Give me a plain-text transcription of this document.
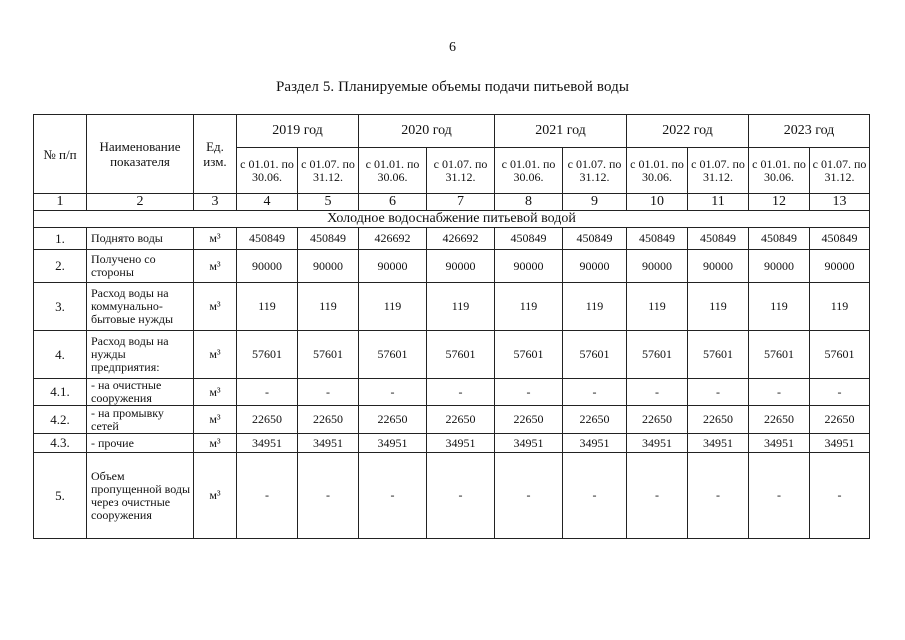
6
Раздел 5. Планируемые объемы подачи питьевой воды
№ п/п	Наименование показателя	Ед. изм.	2019 год		2020 год		2021 год		2022 год		2023 год	
			с 01.01. по 30.06.	с 01.07. по 31.12.	с 01.01. по 30.06.	с 01.07. по 31.12.	с 01.01. по 30.06.	с 01.07. по 31.12.	с 01.01. по 30.06.	с 01.07. по 31.12.	с 01.01. по 30.06.	с 01.07. по 31.12.
1	2	3	4	5	6	7	8	9	10	11	12	13
Холодное водоснабжение питьевой водой												
1.	Поднято воды	м³	450849	450849	426692	426692	450849	450849	450849	450849	450849	450849
2.	Получено со стороны	м³	90000	90000	90000	90000	90000	90000	90000	90000	90000	90000
3.	Расход воды на коммунально-бытовые нужды	м³	119	119	119	119	119	119	119	119	119	119
4.	Расход воды на нужды предприятия:	м³	57601	57601	57601	57601	57601	57601	57601	57601	57601	57601
4.1.	- на очистные сооружения	м³	-	-	-	-	-	-	-	-	-	-
4.2.	- на промывку сетей	м³	22650	22650	22650	22650	22650	22650	22650	22650	22650	22650
4.3.	- прочие	м³	34951	34951	34951	34951	34951	34951	34951	34951	34951	34951
5.	Объем пропущенной воды через очистные сооружения	м³	-	-	-	-	-	-	-	-	-	-
